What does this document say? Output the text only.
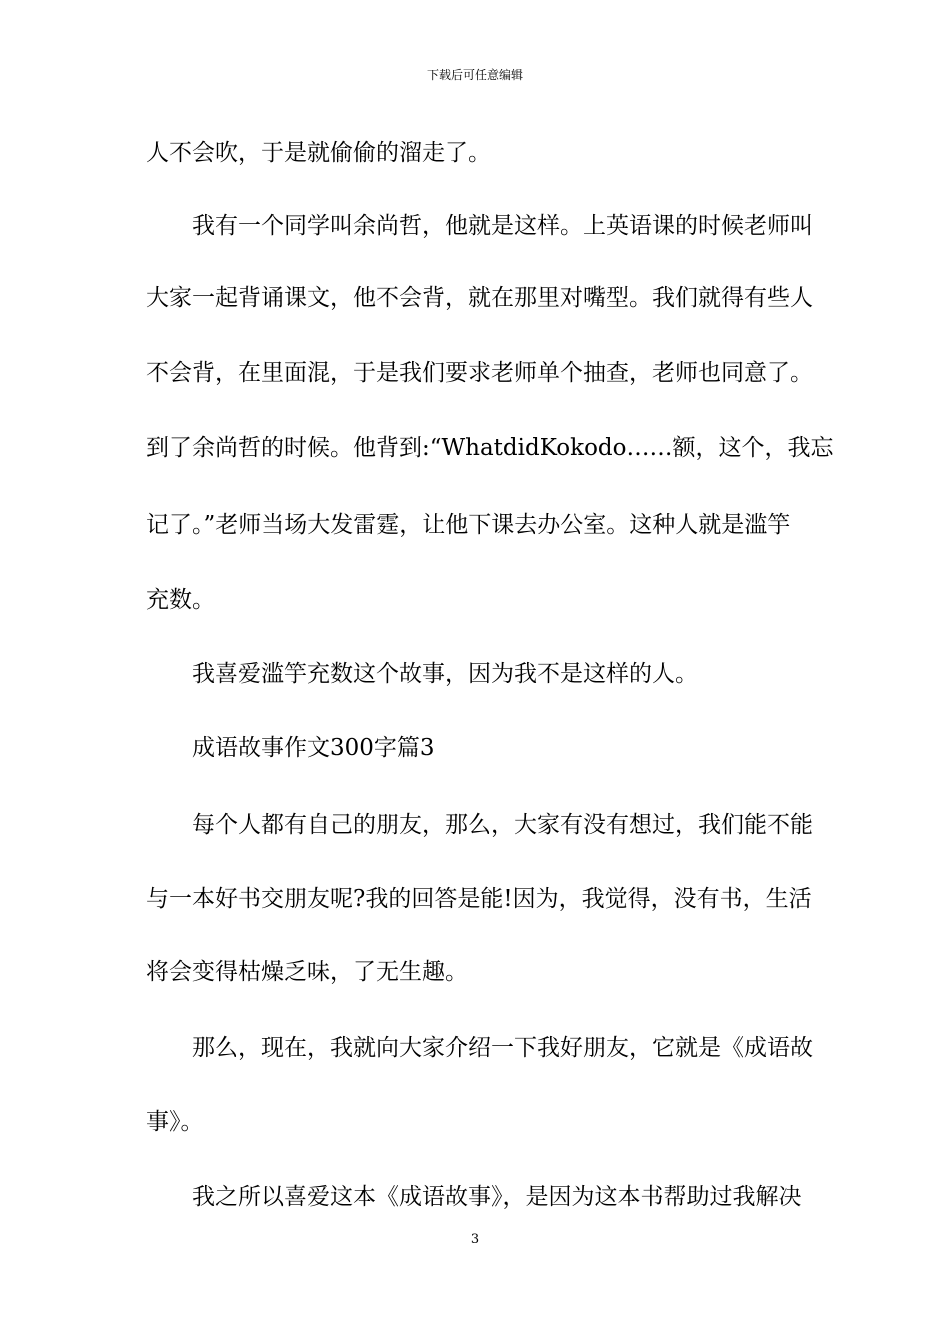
下载后可任意编辑
人不会吹，于是就偷偷的溜走了。
我有一个同学叫余尚哲，他就是这样。上英语课的时候老师叫
大家一起背诵课文，他不会背，就在那里对嘴型。我们就得有些人
不会背，在里面混，于是我们要求老师单个抽查，老师也同意了。
到了余尚哲的时候。他背到:“WhatdidKokodo……额，这个，我忘
记了。”老师当场大发雷霆，让他下课去办公室。这种人就是滥竽
充数。
我喜爱滥竽充数这个故事，因为我不是这样的人。
成语故事作文300字篇3
每个人都有自己的朋友，那么，大家有没有想过，我们能不能
与一本好书交朋友呢?我的回答是能!因为，我觉得，没有书，生活
将会变得枯燥乏味，了无生趣。
那么，现在，我就向大家介绍一下我好朋友，它就是《成语故
事》。
我之所以喜爱这本《成语故事》，是因为这本书帮助过我解决
3
